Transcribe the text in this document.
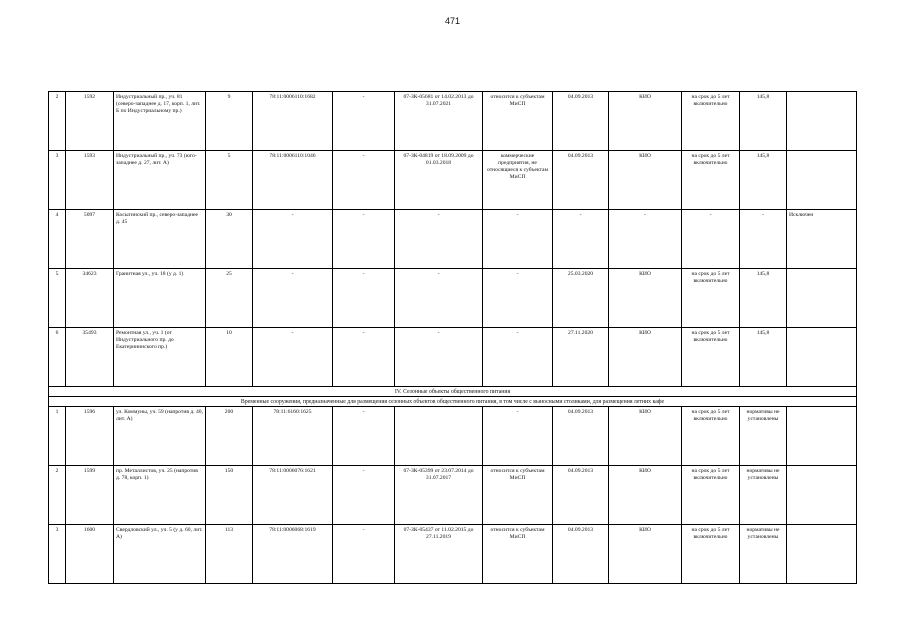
471
2	1592	Индустриальный пр., уч. 81 (северо-западнее д. 17, корп. 1, лит. Б по Индустриальному пр.)	9	78:11:0006110:1682	-	07-ЗК-05681 от 14.02.2013 до 31.07.2021	относится к субъектам МиСП	04.09.2013	КИО	на срок до 5 лет включительно	145,8	
3	1593	Индустриальный пр., уч. 73 (юго-западнее д. 27, лит. А)	5	78:11:0006110:1046	-	07-ЗК-04819 от 18.09.2009 до 01.03.2018	коммерческие предприятия, не относящиеся к субъектам МиСП	04.09.2013	КИО	на срок до 5 лет включительно	145,8	
4	5097	Косыгинский пр., северо-западнее д. 45	30	-	-	-	-	-	-	-	-	Исключен
5	34623	Гранитная ул., уч. 18 (у д. 1)	25	-	-	-	-	25.03.2020	КИО	на срок до 5 лет включительно	145,8	
6	35493	Ремонтная ул., уч. 1 (от Индустриального пр. до Екатерининского пр.)	10	-	-	-	-	27.11.2020	КИО	на срок до 5 лет включительно	145,8	
IV. Сезонные объекты общественного питания												
Временные сооружения, предназначенные для размещения сезонных объектов общественного питания, в том числе с выносными столиками, для размещения летних кафе												
1	1596	ул. Коммуны, уч. 59 (напротив д. 40, лит. А)	200	78:11:6160:1625	-		-	04.09.2013	КИО	на срок до 5 лет включительно	нормативы не установлены	
2	1599	пр. Металлистов, уч. 25 (напротив д. 78, корп. 1)	150	78:11:0006076:1621	-	07-ЗК-05399 от 23.07.2014 до 31.07.2017	относится к субъектам МиСП	04.09.2013	КИО	на срок до 5 лет включительно	нормативы не установлены	
3	1600	Свердловский ул., уч. 5 (у д. 60, лит. А)	113	78:11:0006068:1619	-	07-ЗК-05437 от 11.02.2015 до 27.11.2019	относится к субъектам МиСП	04.09.2013	КИО	на срок до 5 лет включительно	нормативы не установлены	
